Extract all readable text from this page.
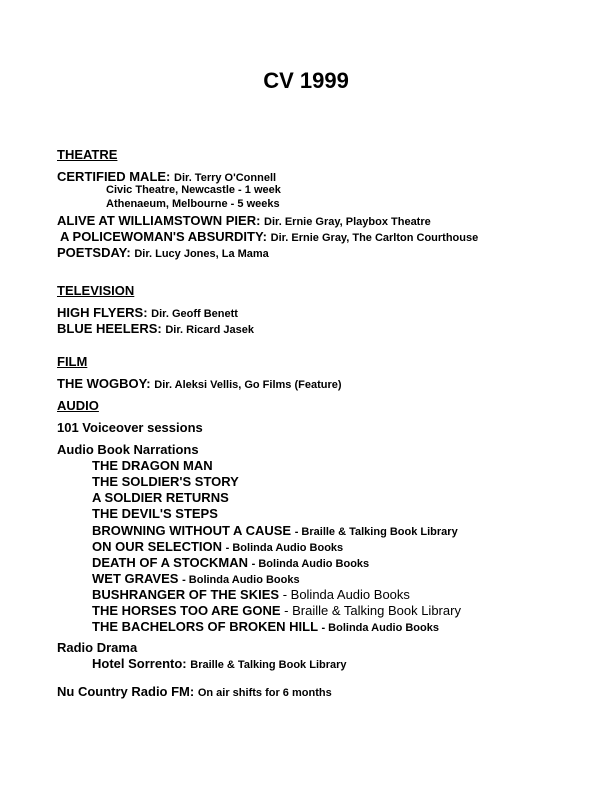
CV 1999
THEATRE
CERTIFIED MALE: Dir. Terry O'Connell
Civic Theatre, Newcastle - 1 week
Athenaeum, Melbourne - 5 weeks
ALIVE AT WILLIAMSTOWN PIER: Dir. Ernie Gray, Playbox Theatre
A POLICEWOMAN'S ABSURDITY: Dir. Ernie Gray, The Carlton Courthouse
POETSDAY: Dir. Lucy Jones, La Mama
TELEVISION
HIGH FLYERS: Dir. Geoff Benett
BLUE HEELERS: Dir. Ricard Jasek
FILM
THE WOGBOY: Dir. Aleksi Vellis, Go Films (Feature)
AUDIO
101 Voiceover sessions
Audio Book Narrations
THE DRAGON MAN
THE SOLDIER'S STORY
A SOLDIER RETURNS
THE DEVIL'S STEPS
BROWNING WITHOUT A CAUSE - Braille & Talking Book Library
ON OUR SELECTION - Bolinda Audio Books
DEATH OF A STOCKMAN - Bolinda Audio Books
WET GRAVES - Bolinda Audio Books
BUSHRANGER OF THE SKIES - Bolinda Audio Books
THE HORSES TOO ARE GONE - Braille & Talking Book Library
THE BACHELORS OF BROKEN HILL - Bolinda Audio Books
Radio Drama
Hotel Sorrento: Braille & Talking Book Library
Nu Country Radio FM: On air shifts for 6 months
